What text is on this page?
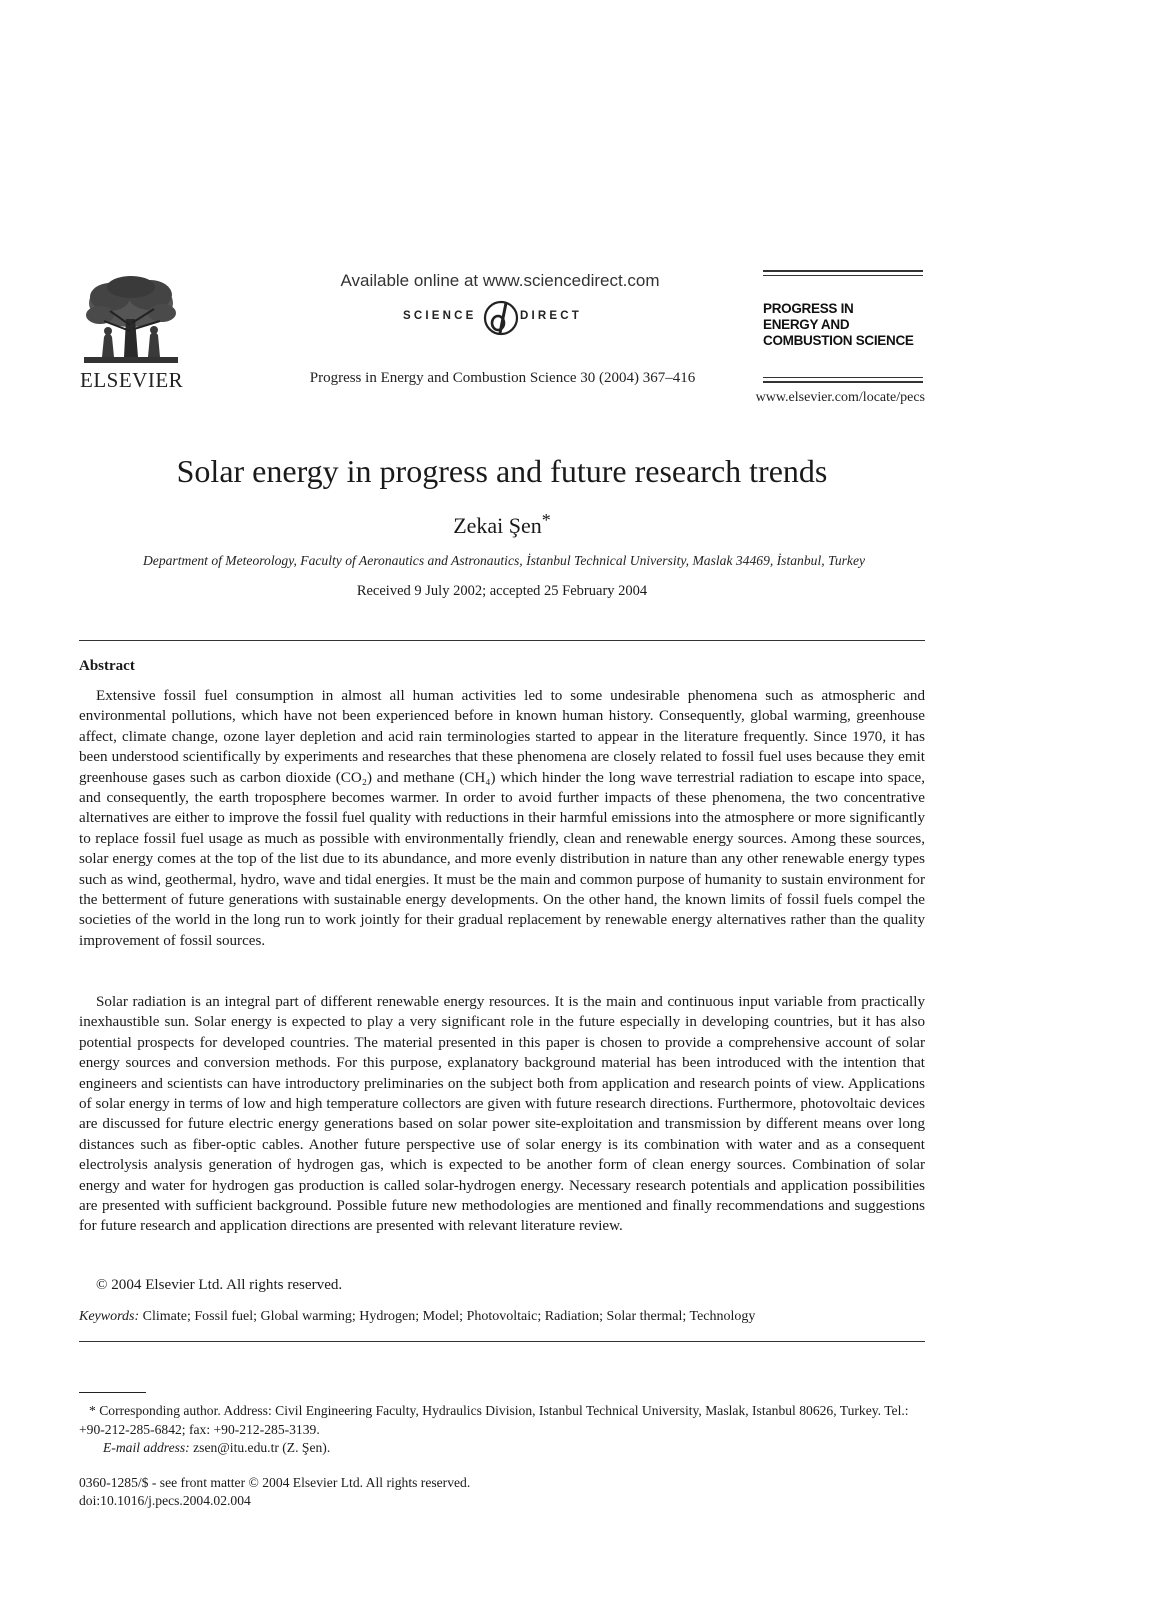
ELSEVIER
Available online at www.sciencedirect.com
SCIENCE	DIRECT
Progress in Energy and Combustion Science 30 (2004) 367–416
PROGRESS IN
ENERGY AND
COMBUSTION SCIENCE
www.elsevier.com/locate/pecs
Solar energy in progress and future research trends
Zekai Şen*
Department of Meteorology, Faculty of Aeronautics and Astronautics, İstanbul Technical University, Maslak 34469, İstanbul, Turkey
Received 9 July 2002; accepted 25 February 2004
Abstract

Extensive fossil fuel consumption in almost all human activities led to some undesirable phenomena such as atmospheric and environmental pollutions, which have not been experienced before in known human history. Consequently, global warming, greenhouse affect, climate change, ozone layer depletion and acid rain terminologies started to appear in the literature frequently. Since 1970, it has been understood scientifically by experiments and researches that these phenomena are closely related to fossil fuel uses because they emit greenhouse gases such as carbon dioxide (CO₂) and methane (CH₄) which hinder the long wave terrestrial radiation to escape into space, and consequently, the earth troposphere becomes warmer. In order to avoid further impacts of these phenomena, the two concentrative alternatives are either to improve the fossil fuel quality with reductions in their harmful emissions into the atmosphere or more significantly to replace fossil fuel usage as much as possible with environmentally friendly, clean and renewable energy sources. Among these sources, solar energy comes at the top of the list due to its abundance, and more evenly distribution in nature than any other renewable energy types such as wind, geothermal, hydro, wave and tidal energies. It must be the main and common purpose of humanity to sustain environment for the betterment of future generations with sustainable energy developments. On the other hand, the known limits of fossil fuels compel the societies of the world in the long run to work jointly for their gradual replacement by renewable energy alternatives rather than the quality improvement of fossil sources.

Solar radiation is an integral part of different renewable energy resources. It is the main and continuous input variable from practically inexhaustible sun. Solar energy is expected to play a very significant role in the future especially in developing countries, but it has also potential prospects for developed countries. The material presented in this paper is chosen to provide a comprehensive account of solar energy sources and conversion methods. For this purpose, explanatory background material has been introduced with the intention that engineers and scientists can have introductory preliminaries on the subject both from application and research points of view. Applications of solar energy in terms of low and high temperature collectors are given with future research directions. Furthermore, photovoltaic devices are discussed for future electric energy generations based on solar power site-exploitation and transmission by different means over long distances such as fiber-optic cables. Another future perspective use of solar energy is its combination with water and as a consequent electrolysis analysis generation of hydrogen gas, which is expected to be another form of clean energy sources. Combination of solar energy and water for hydrogen gas production is called solar-hydrogen energy. Necessary research potentials and application possibilities are presented with sufficient background. Possible future new methodologies are mentioned and finally recommendations and suggestions for future research and application directions are presented with relevant literature review.

© 2004 Elsevier Ltd. All rights reserved.
Keywords: Climate; Fossil fuel; Global warming; Hydrogen; Model; Photovoltaic; Radiation; Solar thermal; Technology

* Corresponding author. Address: Civil Engineering Faculty, Hydraulics Division, Istanbul Technical University, Maslak, Istanbul 80626, Turkey. Tel.: +90-212-285-6842; fax: +90-212-285-3139.

E-mail address: zsen@itu.edu.tr (Z. Şen).

0360-1285/$ - see front matter © 2004 Elsevier Ltd. All rights reserved.

doi:10.1016/j.pecs.2004.02.004
